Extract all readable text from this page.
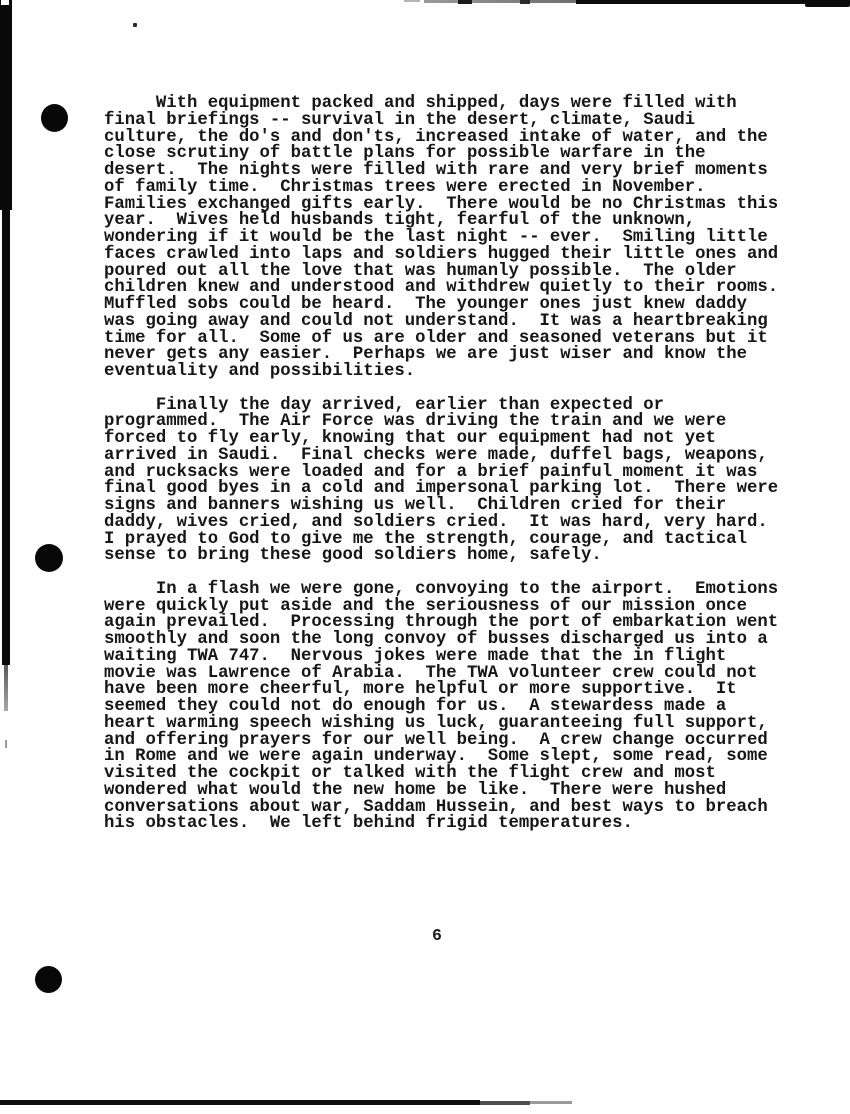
With equipment packed and shipped, days were filled with
final briefings -- survival in the desert, climate, Saudi
culture, the do's and don'ts, increased intake of water, and the
close scrutiny of battle plans for possible warfare in the
desert.  The nights were filled with rare and very brief moments
of family time.  Christmas trees were erected in November.
Families exchanged gifts early.  There would be no Christmas this
year.  Wives held husbands tight, fearful of the unknown,
wondering if it would be the last night -- ever.  Smiling little
faces crawled into laps and soldiers hugged their little ones and
poured out all the love that was humanly possible.  The older
children knew and understood and withdrew quietly to their rooms.
Muffled sobs could be heard.  The younger ones just knew daddy
was going away and could not understand.  It was a heartbreaking
time for all.  Some of us are older and seasoned veterans but it
never gets any easier.  Perhaps we are just wiser and know the
eventuality and possibilities.
Finally the day arrived, earlier than expected or
programmed.  The Air Force was driving the train and we were
forced to fly early, knowing that our equipment had not yet
arrived in Saudi.  Final checks were made, duffel bags, weapons,
and rucksacks were loaded and for a brief painful moment it was
final good byes in a cold and impersonal parking lot.  There were
signs and banners wishing us well.  Children cried for their
daddy, wives cried, and soldiers cried.  It was hard, very hard.
I prayed to God to give me the strength, courage, and tactical
sense to bring these good soldiers home, safely.
In a flash we were gone, convoying to the airport.  Emotions
were quickly put aside and the seriousness of our mission once
again prevailed.  Processing through the port of embarkation went
smoothly and soon the long convoy of busses discharged us into a
waiting TWA 747.  Nervous jokes were made that the in flight
movie was Lawrence of Arabia.  The TWA volunteer crew could not
have been more cheerful, more helpful or more supportive.  It
seemed they could not do enough for us.  A stewardess made a
heart warming speech wishing us luck, guaranteeing full support,
and offering prayers for our well being.  A crew change occurred
in Rome and we were again underway.  Some slept, some read, some
visited the cockpit or talked with the flight crew and most
wondered what would the new home be like.  There were hushed
conversations about war, Saddam Hussein, and best ways to breach
his obstacles.  We left behind frigid temperatures.
6
